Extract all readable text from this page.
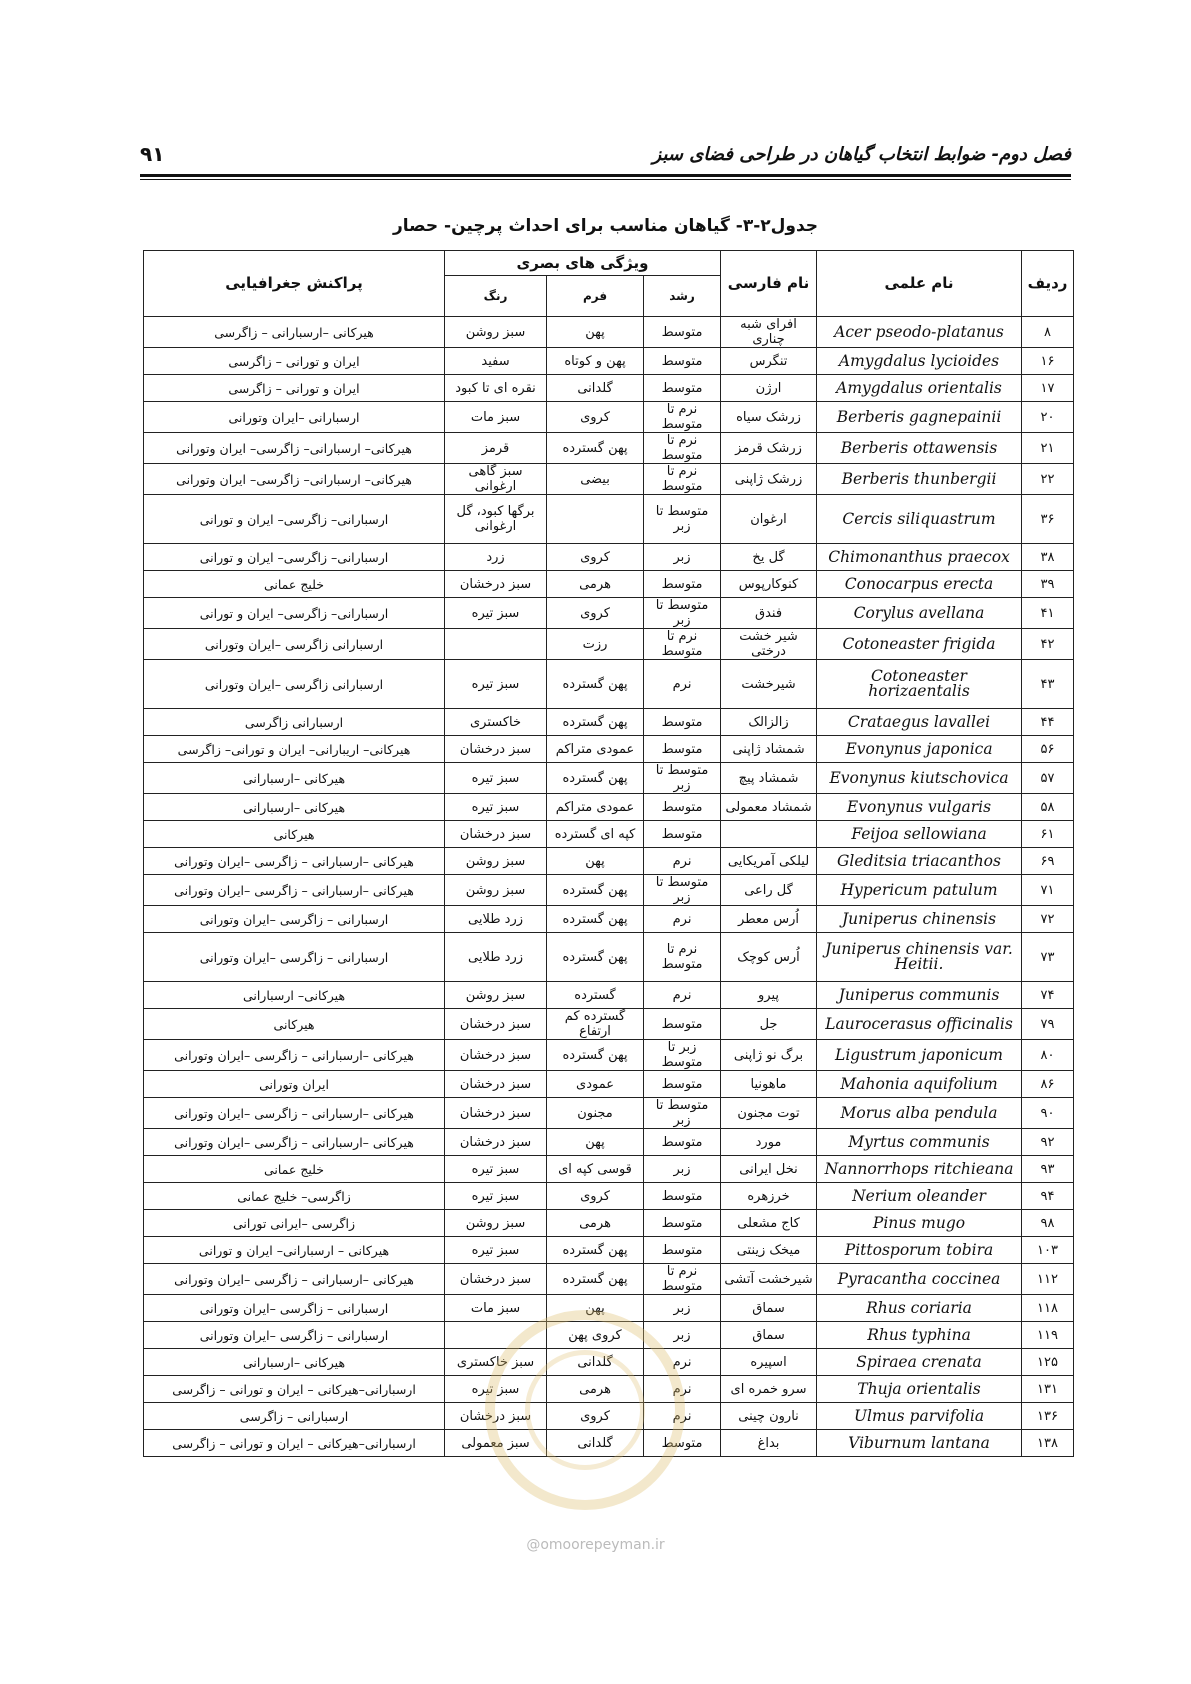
فصل دوم- ضوابط انتخاب گیاهان در طراحی فضای سبز
۹۱
جدول۲-۳- گیاهان مناسب برای احداث پرچین- حصار
ردیف	نام علمی	نام فارسی	ویژگی های بصری			پراکنش جغرافیایی
			رشد	فرم	رنگ	
۸	Acer pseodo-platanus	افرای شبه چناری	متوسط	پهن	سبز روشن	هیرکانی –ارسبارانی – زاگرسی
۱۶	Amygdalus lycioides	تنگرس	متوسط	پهن و کوتاه	سفید	ایران و تورانی – زاگرسی
۱۷	Amygdalus orientalis	ارژن	متوسط	گلدانی	نقره ای تا کبود	ایران و تورانی – زاگرسی
۲۰	Berberis gagnepainii	زرشک سیاه	نرم تا متوسط	کروی	سبز مات	ارسبارانی –ایران وتورانی
۲۱	Berberis ottawensis	زرشک قرمز	نرم تا متوسط	پهن گسترده	قرمز	هیرکانی– ارسبارانی– زاگرسی– ایران وتورانی
۲۲	Berberis thunbergii	زرشک ژاپنی	نرم تا متوسط	بیضی	سبز گاهی ارغوانی	هیرکانی– ارسبارانی– زاگرسی– ایران وتورانی
۳۶	Cercis siliquastrum	ارغوان	متوسط تا زبر		برگها کبود، گل ارغوانی	ارسبارانی– زاگرسی– ایران و تورانی
۳۸	Chimonanthus praecox	گل یخ	زبر	کروی	زرد	ارسبارانی– زاگرسی– ایران و تورانی
۳۹	Conocarpus erecta	کنوکارپوس	متوسط	هرمی	سبز درخشان	خلیج عمانی
۴۱	Corylus avellana	فندق	متوسط تا زبر	کروی	سبز تیره	ارسبارانی– زاگرسی– ایران و تورانی
۴۲	Cotoneaster frigida	شیر خشت درختی	نرم تا متوسط	رزت		ارسبارانی زاگرسی –ایران وتورانی
۴۳	Cotoneaster horizaentalis	شیرخشت	نرم	پهن گسترده	سبز تیره	ارسبارانی زاگرسی –ایران وتورانی
۴۴	Crataegus lavallei	زالزالک	متوسط	پهن گسترده	خاکستری	ارسبارانی زاگرسی
۵۶	Evonynus japonica	شمشاد ژاپنی	متوسط	عمودی متراکم	سبز درخشان	هیرکانی– اریبارانی– ایران و تورانی– زاگرسی
۵۷	Evonynus kiutschovica	شمشاد پیچ	متوسط تا زبر	پهن گسترده	سبز تیره	هیرکانی –ارسبارانی
۵۸	Evonynus vulgaris	شمشاد معمولی	متوسط	عمودی متراکم	سبز تیره	هیرکانی –ارسبارانی
۶۱	Feijoa sellowiana		متوسط	کپه ای گسترده	سبز درخشان	هیرکانی
۶۹	Gleditsia triacanthos	لیلکی آمریکایی	نرم	پهن	سبز روشن	هیرکانی –ارسبارانی – زاگرسی –ایران وتورانی
۷۱	Hypericum patulum	گل راعی	متوسط تا زبر	پهن گسترده	سبز روشن	هیرکانی –ارسبارانی – زاگرسی –ایران وتورانی
۷۲	Juniperus chinensis	اُرس معطر	نرم	پهن گسترده	زرد طلایی	ارسبارانی – زاگرسی –ایران وتورانی
۷۳	Juniperus chinensis var. Heitii.	اُرس کوچک	نرم تا متوسط	پهن گسترده	زرد طلایی	ارسبارانی – زاگرسی –ایران وتورانی
۷۴	Juniperus communis	پیرو	نرم	گسترده	سبز روشن	هیرکانی– ارسبارانی
۷۹	Laurocerasus officinalis	جل	متوسط	گسترده کم ارتفاع	سبز درخشان	هیرکانی
۸۰	Ligustrum japonicum	برگ نو ژاپنی	زبر تا متوسط	پهن گسترده	سبز درخشان	هیرکانی –ارسبارانی – زاگرسی –ایران وتورانی
۸۶	Mahonia aquifolium	ماهونیا	متوسط	عمودی	سبز درخشان	ایران وتورانی
۹۰	Morus alba pendula	توت مجنون	متوسط تا زبر	مجنون	سبز درخشان	هیرکانی –ارسبارانی – زاگرسی –ایران وتورانی
۹۲	Myrtus communis	مورد	متوسط	پهن	سبز درخشان	هیرکانی –ارسبارانی – زاگرسی –ایران وتورانی
۹۳	Nannorrhops ritchieana	نخل ایرانی	زبر	قوسی کپه ای	سبز تیره	خلیج عمانی
۹۴	Nerium oleander	خرزهره	متوسط	کروی	سبز تیره	زاگرسی– خلیج عمانی
۹۸	Pinus mugo	کاج مشعلی	متوسط	هرمی	سبز روشن	زاگرسی –ایرانی تورانی
۱۰۳	Pittosporum tobira	میخک زینتی	متوسط	پهن گسترده	سبز تیره	هیرکانی – ارسبارانی– ایران و تورانی
۱۱۲	Pyracantha coccinea	شیرخشت آتشی	نرم تا متوسط	پهن گسترده	سبز درخشان	هیرکانی –ارسبارانی – زاگرسی –ایران وتورانی
۱۱۸	Rhus coriaria	سماق	زبر	پهن	سبز مات	ارسبارانی – زاگرسی –ایران وتورانی
۱۱۹	Rhus typhina	سماق	زبر	کروی پهن		ارسبارانی – زاگرسی –ایران وتورانی
۱۲۵	Spiraea crenata	اسپیره	نرم	گلدانی	سبز خاکستری	هیرکانی –ارسبارانی
۱۳۱	Thuja orientalis	سرو خمره ای	نرم	هرمی	سبز تیره	ارسبارانی–هیرکانی – ایران و تورانی – زاگرسی
۱۳۶	Ulmus parvifolia	نارون چینی	نرم	کروی	سبز درخشان	ارسبارانی – زاگرسی
۱۳۸	Viburnum lantana	بداغ	متوسط	گلدانی	سبز معمولی	ارسبارانی–هیرکانی – ایران و تورانی – زاگرسی
@omoorepeyman.ir
